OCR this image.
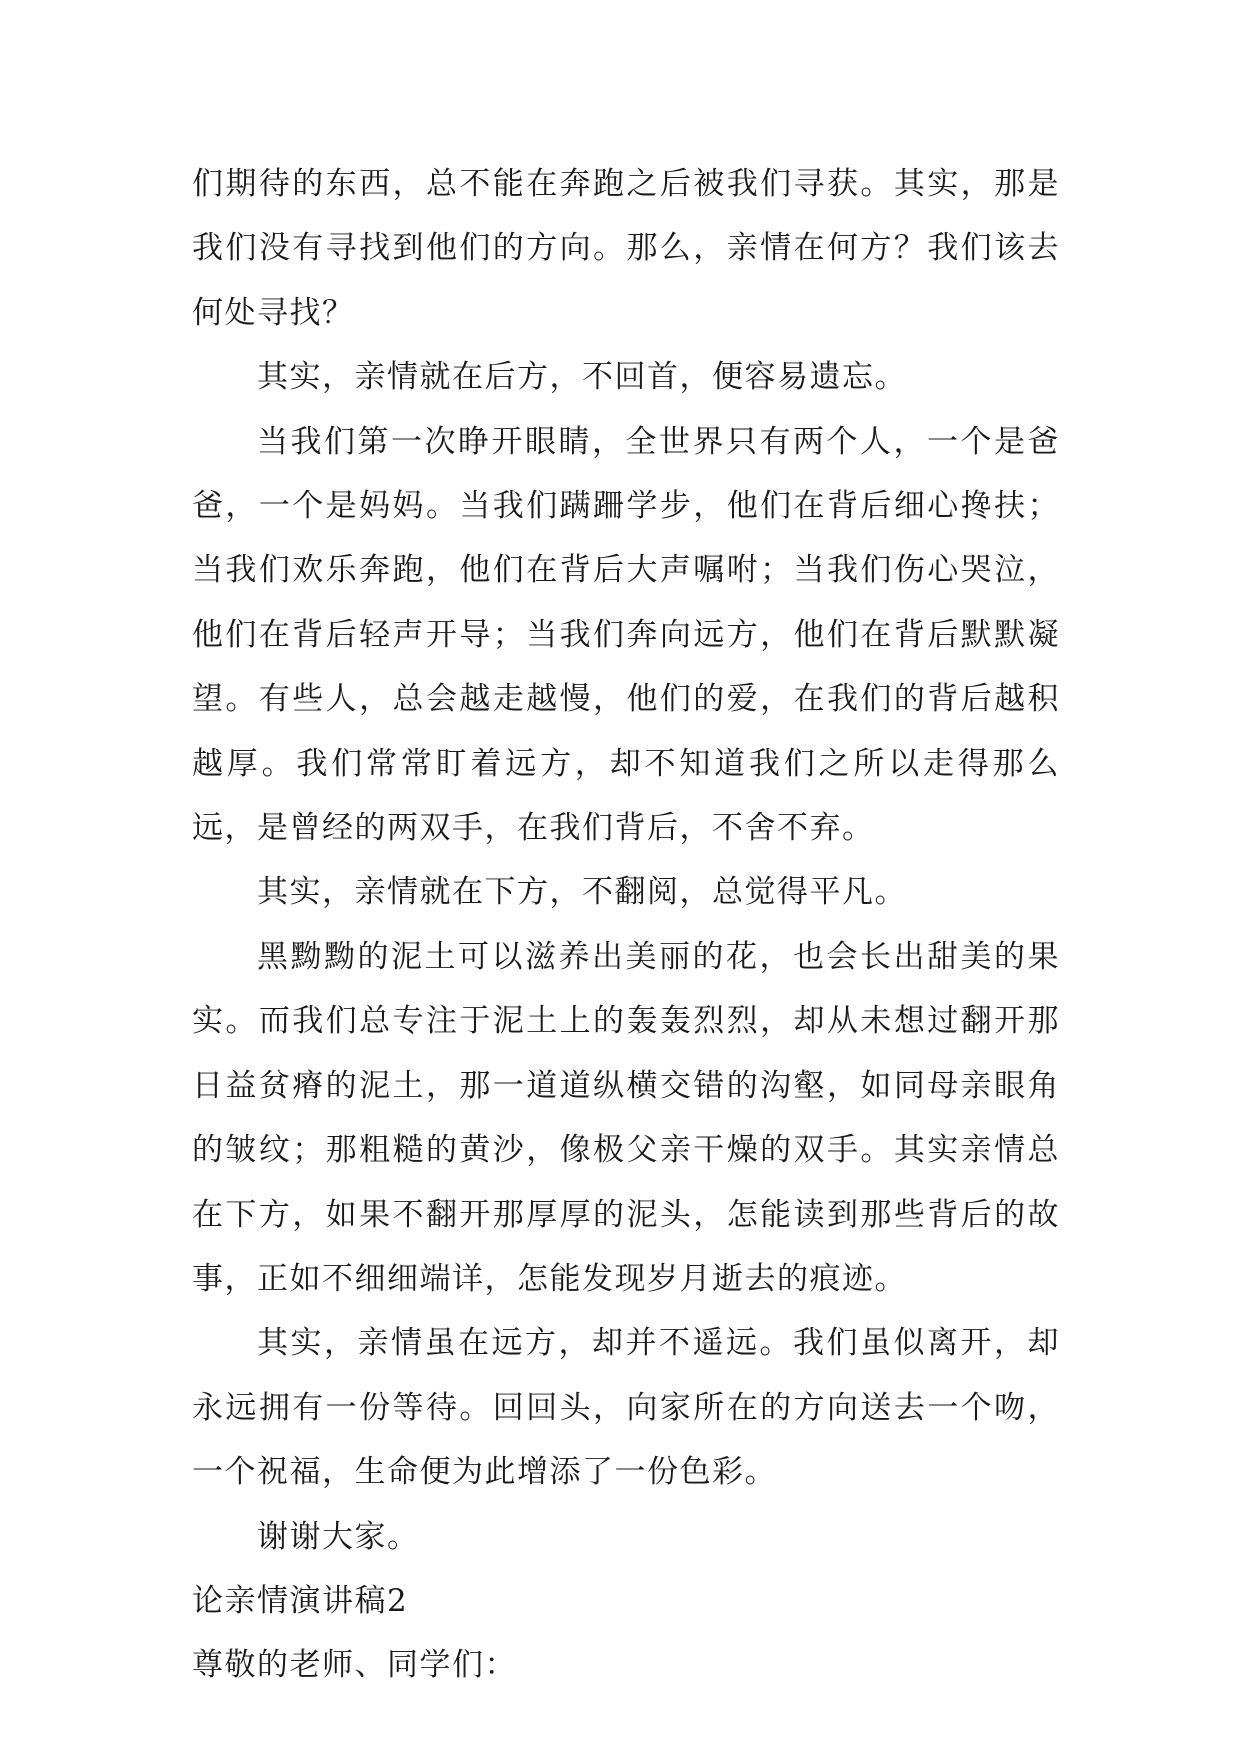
们期待的东西，总不能在奔跑之后被我们寻获。其实，那是我们没有寻找到他们的方向。那么，亲情在何方？我们该去何处寻找？

其实，亲情就在后方，不回首，便容易遗忘。

当我们第一次睁开眼睛，全世界只有两个人，一个是爸爸，一个是妈妈。当我们蹒跚学步，他们在背后细心搀扶；当我们欢乐奔跑，他们在背后大声嘱咐；当我们伤心哭泣，他们在背后轻声开导；当我们奔向远方，他们在背后默默凝望。有些人，总会越走越慢，他们的爱，在我们的背后越积越厚。我们常常盯着远方，却不知道我们之所以走得那么远，是曾经的两双手，在我们背后，不舍不弃。

其实，亲情就在下方，不翻阅，总觉得平凡。

黑黝黝的泥土可以滋养出美丽的花，也会长出甜美的果实。而我们总专注于泥土上的轰轰烈烈，却从未想过翻开那日益贫瘠的泥土，那一道道纵横交错的沟壑，如同母亲眼角的皱纹；那粗糙的黄沙，像极父亲干燥的双手。其实亲情总在下方，如果不翻开那厚厚的泥头，怎能读到那些背后的故事，正如不细细端详，怎能发现岁月逝去的痕迹。

其实，亲情虽在远方，却并不遥远。我们虽似离开，却永远拥有一份等待。回回头，向家所在的方向送去一个吻，一个祝福，生命便为此增添了一份色彩。

谢谢大家。

论亲情演讲稿2

尊敬的老师、同学们：
